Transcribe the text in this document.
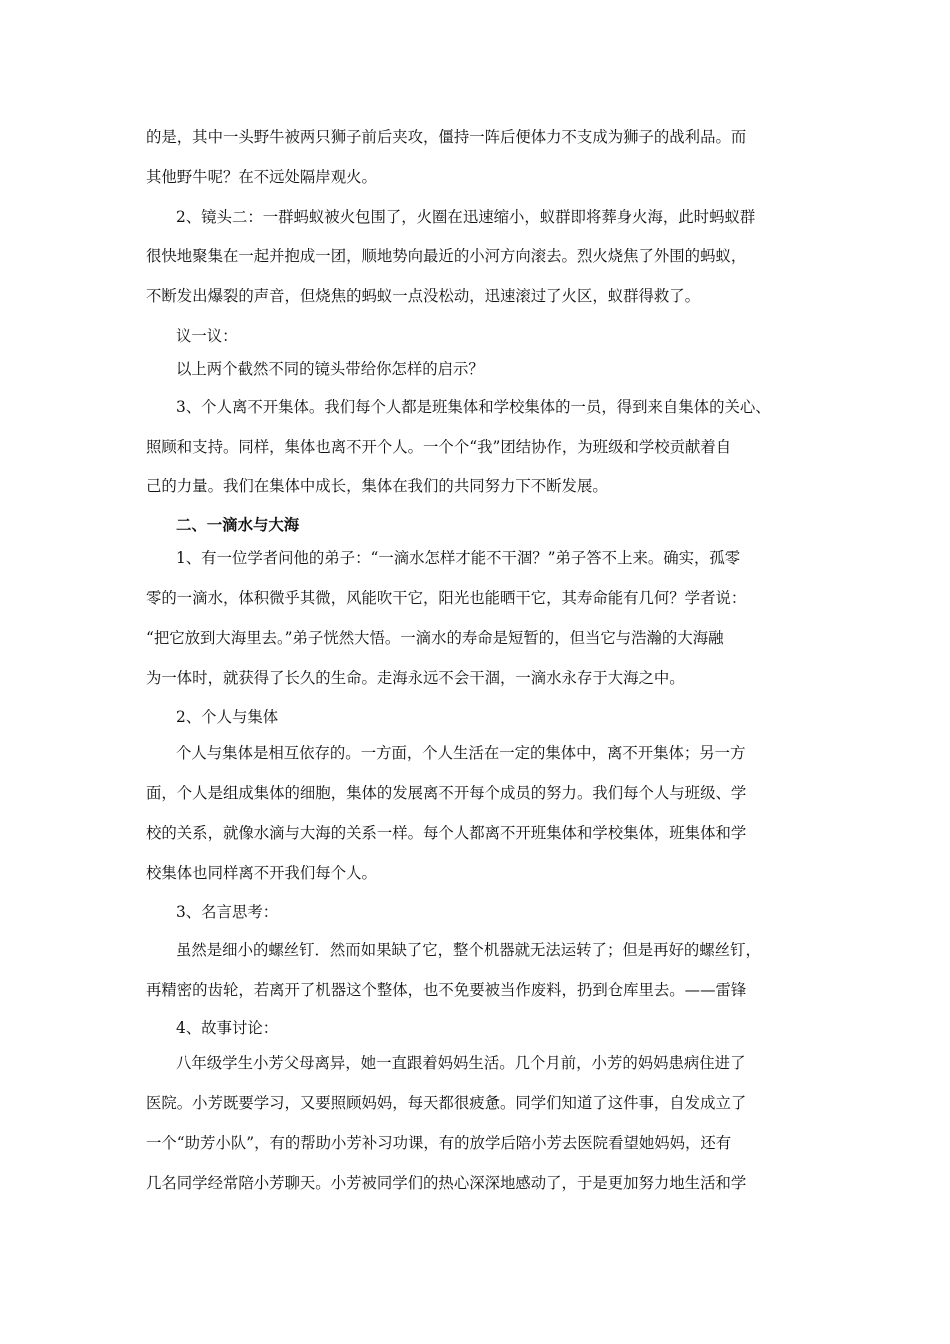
的是，其中一头野牛被两只狮子前后夹攻，僵持一阵后便体力不支成为狮子的战利品。而
其他野牛呢？在不远处隔岸观火。
2、镜头二：一群蚂蚁被火包围了，火圈在迅速缩小，蚁群即将葬身火海，此时蚂蚁群
很快地聚集在一起并抱成一团，顺地势向最近的小河方向滚去。烈火烧焦了外围的蚂蚁，
不断发出爆裂的声音，但烧焦的蚂蚁一点没松动，迅速滚过了火区，蚁群得救了。
议一议：
以上两个截然不同的镜头带给你怎样的启示？
3、个人离不开集体。我们每个人都是班集体和学校集体的一员，得到来自集体的关心、
照顾和支持。同样，集体也离不开个人。一个个“我”团结协作，为班级和学校贡献着自
己的力量。我们在集体中成长，集体在我们的共同努力下不断发展。
二、一滴水与大海
1、有一位学者问他的弟子：“一滴水怎样才能不干涸？”弟子答不上来。确实，孤零
零的一滴水，体积微乎其微，风能吹干它，阳光也能晒干它，其寿命能有几何？学者说：
“把它放到大海里去。”弟子恍然大悟。一滴水的寿命是短暂的，但当它与浩瀚的大海融
为一体时，就获得了长久的生命。走海永远不会干涸，一滴水永存于大海之中。
2、个人与集体
个人与集体是相互依存的。一方面，个人生活在一定的集体中，离不开集体；另一方
面，个人是组成集体的细胞，集体的发展离不开每个成员的努力。我们每个人与班级、学
校的关系，就像水滴与大海的关系一样。每个人都离不开班集体和学校集体，班集体和学
校集体也同样离不开我们每个人。
3、名言思考：
虽然是细小的螺丝钉．然而如果缺了它，整个机器就无法运转了；但是再好的螺丝钉，
再精密的齿轮，若离开了机器这个整体，也不免要被当作废料，扔到仓库里去。——雷锋
4、故事讨论：
八年级学生小芳父母离异，她一直跟着妈妈生活。几个月前，小芳的妈妈患病住进了
医院。小芳既要学习，又要照顾妈妈，每天都很疲惫。同学们知道了这件事，自发成立了
一个“助芳小队”，有的帮助小芳补习功课，有的放学后陪小芳去医院看望她妈妈，还有
几名同学经常陪小芳聊天。小芳被同学们的热心深深地感动了，于是更加努力地生活和学
